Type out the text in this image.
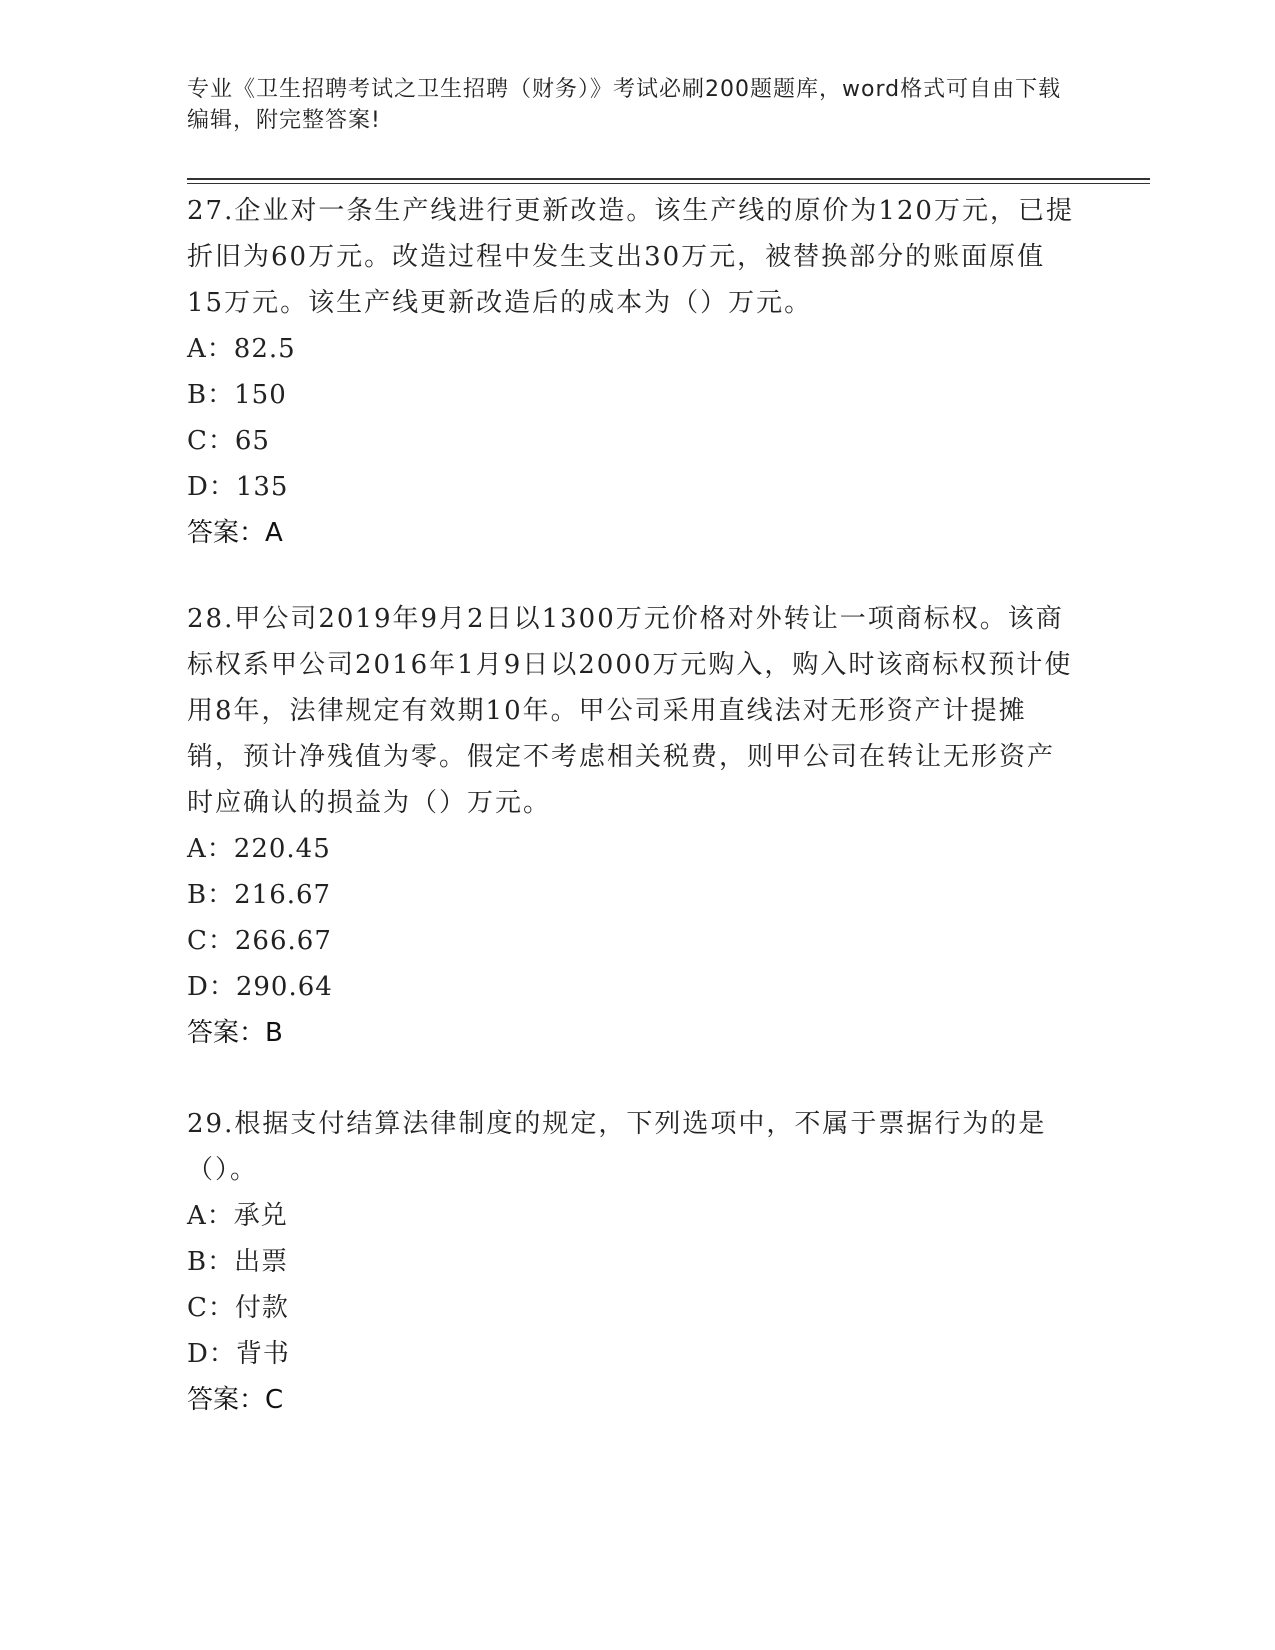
专业《卫生招聘考试之卫生招聘（财务）》考试必刷200题题库，word格式可自由下载编辑，附完整答案!
27.企业对一条生产线进行更新改造。该生产线的原价为120万元，已提折旧为60万元。改造过程中发生支出30万元，被替换部分的账面原值15万元。该生产线更新改造后的成本为（）万元。
A：82.5
B：150
C：65
D：135
答案：A
28.甲公司2019年9月2日以1300万元价格对外转让一项商标权。该商标权系甲公司2016年1月9日以2000万元购入，购入时该商标权预计使用8年，法律规定有效期10年。甲公司采用直线法对无形资产计提摊销，预计净残值为零。假定不考虑相关税费，则甲公司在转让无形资产时应确认的损益为（）万元。
A：220.45
B：216.67
C：266.67
D：290.64
答案：B
29.根据支付结算法律制度的规定，下列选项中，不属于票据行为的是（）。
A：承兑
B：出票
C：付款
D：背书
答案：C
